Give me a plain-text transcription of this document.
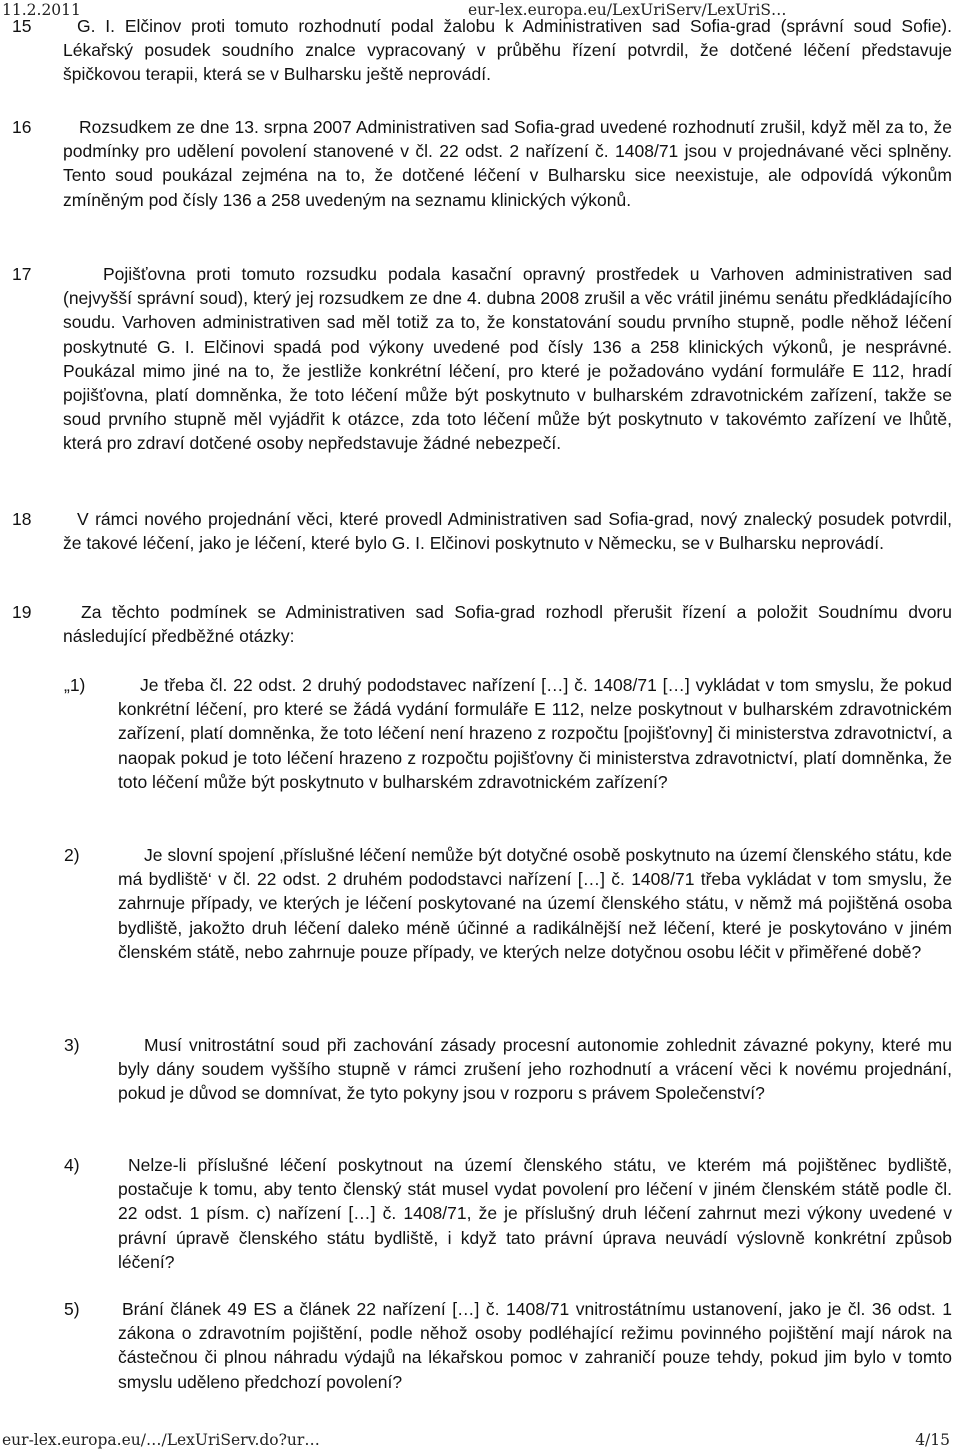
11.2.2011	eur-lex.europa.eu/LexUriServ/LexUriS…
15	G. I. Elčinov proti tomuto rozhodnutí podal žalobu k Administrativen sad Sofia-grad (správní soud Sofie). Lékařský posudek soudního znalce vypracovaný v průběhu řízení potvrdil, že dotčené léčení představuje špičkovou terapii, která se v Bulharsku ještě neprovádí.
16	Rozsudkem ze dne 13. srpna 2007 Administrativen sad Sofia-grad uvedené rozhodnutí zrušil, když měl za to, že podmínky pro udělení povolení stanovené v čl. 22 odst. 2 nařízení č. 1408/71 jsou v projednávané věci splněny. Tento soud poukázal zejména na to, že dotčené léčení v Bulharsku sice neexistuje, ale odpovídá výkonům zmíněným pod čísly 136 a 258 uvedeným na seznamu klinických výkonů.
17	Pojišťovna proti tomuto rozsudku podala kasační opravný prostředek u Varhoven administrativen sad (nejvyšší správní soud), který jej rozsudkem ze dne 4. dubna 2008 zrušil a věc vrátil jinému senátu předkládajícího soudu. Varhoven administrativen sad měl totiž za to, že konstatování soudu prvního stupně, podle něhož léčení poskytnuté G. I. Elčinovi spadá pod výkony uvedené pod čísly 136 a 258 klinických výkonů, je nesprávné. Poukázal mimo jiné na to, že jestliže konkrétní léčení, pro které je požadováno vydání formuláře E 112, hradí pojišťovna, platí domněnka, že toto léčení může být poskytnuto v bulharském zdravotnickém zařízení, takže se soud prvního stupně měl vyjádřit k otázce, zda toto léčení může být poskytnuto v takovémto zařízení ve lhůtě, která pro zdraví dotčené osoby nepředstavuje žádné nebezpečí.
18	V rámci nového projednání věci, které provedl Administrativen sad Sofia-grad, nový znalecký posudek potvrdil, že takové léčení, jako je léčení, které bylo G. I. Elčinovi poskytnuto v Německu, se v Bulharsku neprovádí.
19	Za těchto podmínek se Administrativen sad Sofia-grad rozhodl přerušit řízení a položit Soudnímu dvoru následující předběžné otázky:
„1)	Je třeba čl. 22 odst. 2 druhý pododstavec nařízení […] č. 1408/71 […] vykládat v tom smyslu, že pokud konkrétní léčení, pro které se žádá vydání formuláře E 112, nelze poskytnout v bulharském zdravotnickém zařízení, platí domněnka, že toto léčení není hrazeno z rozpočtu [pojišťovny] či ministerstva zdravotnictví, a naopak pokud je toto léčení hrazeno z rozpočtu pojišťovny či ministerstva zdravotnictví, platí domněnka, že toto léčení může být poskytnuto v bulharském zdravotnickém zařízení?
2)	Je slovní spojení ‚příslušné léčení nemůže být dotyčné osobě poskytnuto na území členského státu, kde má bydliště‘ v čl. 22 odst. 2 druhém pododstavci nařízení […] č. 1408/71 třeba vykládat v tom smyslu, že zahrnuje případy, ve kterých je léčení poskytované na území členského státu, v němž má pojištěná osoba bydliště, jakožto druh léčení daleko méně účinné a radikálnější než léčení, které je poskytováno v jiném členském státě, nebo zahrnuje pouze případy, ve kterých nelze dotyčnou osobu léčit v přiměřené době?
3)	Musí vnitrostátní soud při zachování zásady procesní autonomie zohlednit závazné pokyny, které mu byly dány soudem vyššího stupně v rámci zrušení jeho rozhodnutí a vrácení věci k novému projednání, pokud je důvod se domnívat, že tyto pokyny jsou v rozporu s právem Společenství?
4)	Nelze-li příslušné léčení poskytnout na území členského státu, ve kterém má pojištěnec bydliště, postačuje k tomu, aby tento členský stát musel vydat povolení pro léčení v jiném členském státě podle čl. 22 odst. 1 písm. c) nařízení […] č. 1408/71, že je příslušný druh léčení zahrnut mezi výkony uvedené v právní úpravě členského státu bydliště, i když tato právní úprava neuvádí výslovně konkrétní způsob léčení?
5) Brání článek 49 ES a článek 22 nařízení […] č. 1408/71 vnitrostátnímu ustanovení, jako je čl. 36 odst. 1 zákona o zdravotním pojištění, podle něhož osoby podléhající režimu povinného pojištění mají nárok na částečnou či plnou náhradu výdajů na lékařskou pomoc v zahraničí pouze tehdy, pokud jim bylo v tomto smyslu uděleno předchozí povolení?
eur-lex.europa.eu/…/LexUriServ.do?ur…	4/15
